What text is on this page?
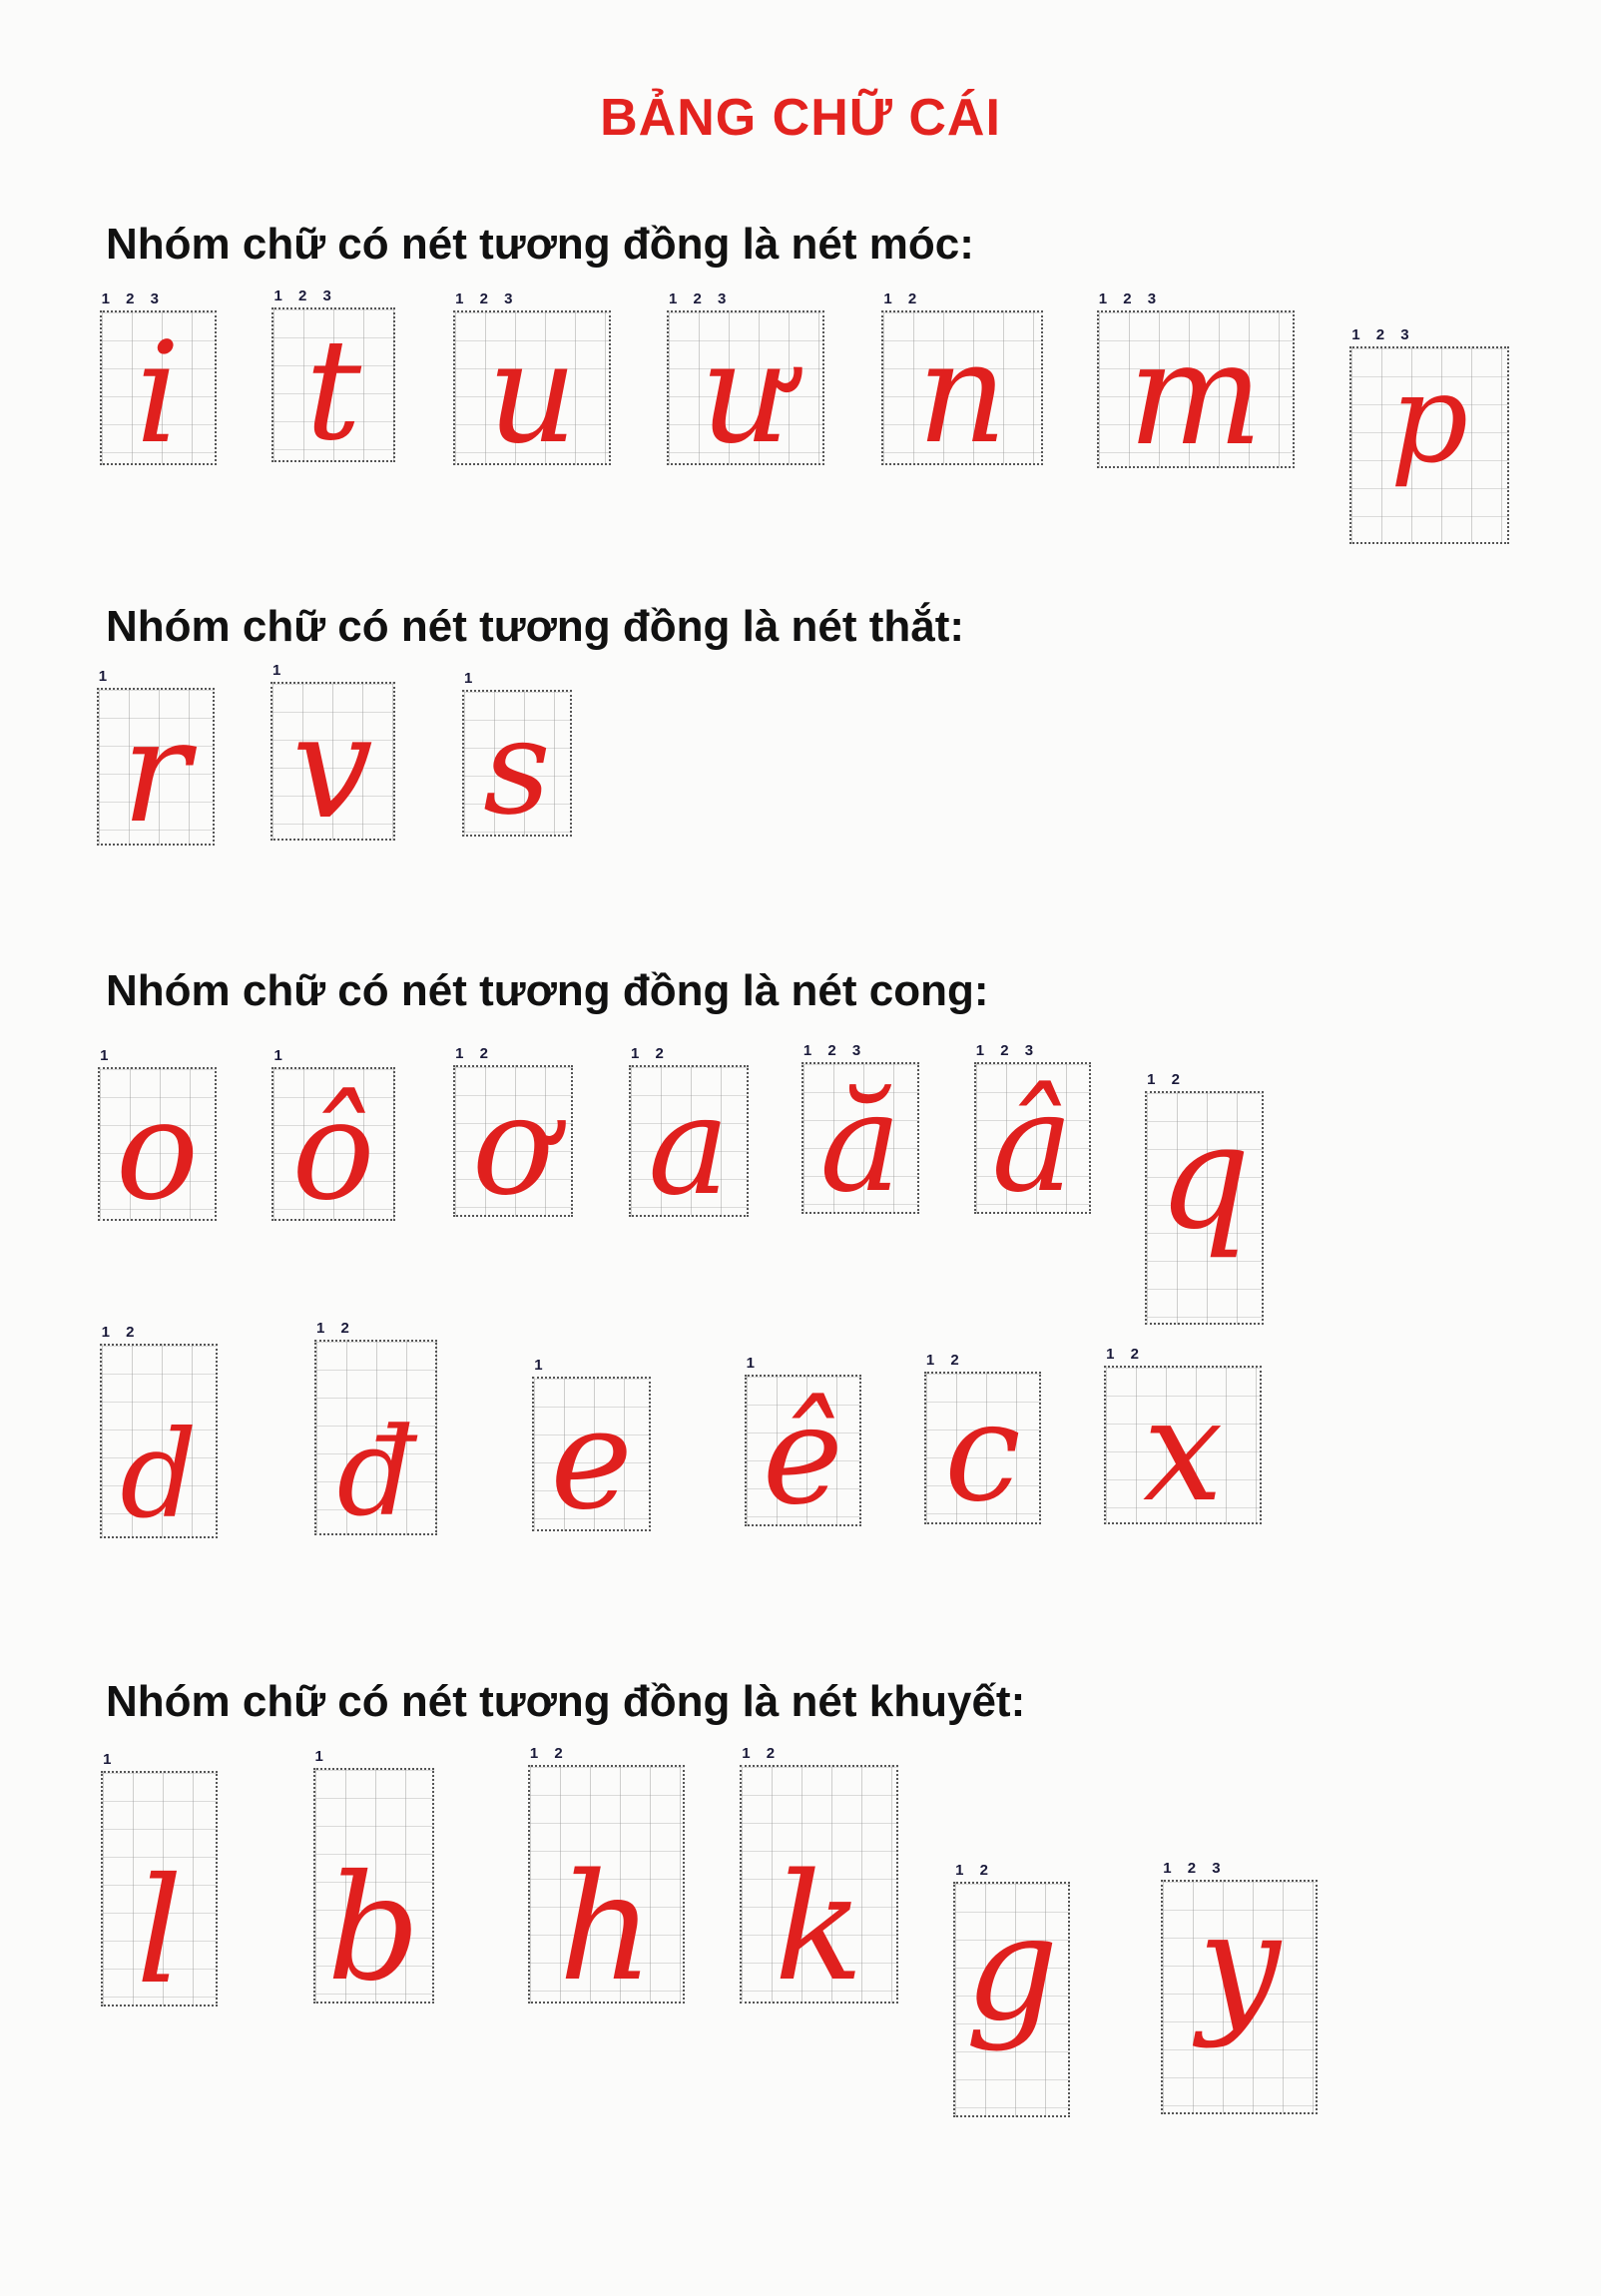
BẢNG CHỮ CÁI
Nhóm chữ có nét tương đồng là nét móc:
Nhóm chữ có nét tương đồng là nét thắt:
Nhóm chữ có nét tương đồng là nét cong:
Nhóm chữ có nét tương đồng là nét khuyết:
i
1 2 3
t
1 2 3
u
1 2 3
ư
1 2 3
n
1 2
m
1 2 3
p
1 2 3
r
1
v
1
s
1
o
1
ô
1
ơ
1 2
a
1 2
ă
1 2 3
â
1 2 3
q
1 2
d
1 2
đ
1 2
e
1
ê
1
c
1 2
x
1 2
l
1
b
1
h
1 2
k
1 2
g
1 2
y
1 2 3
